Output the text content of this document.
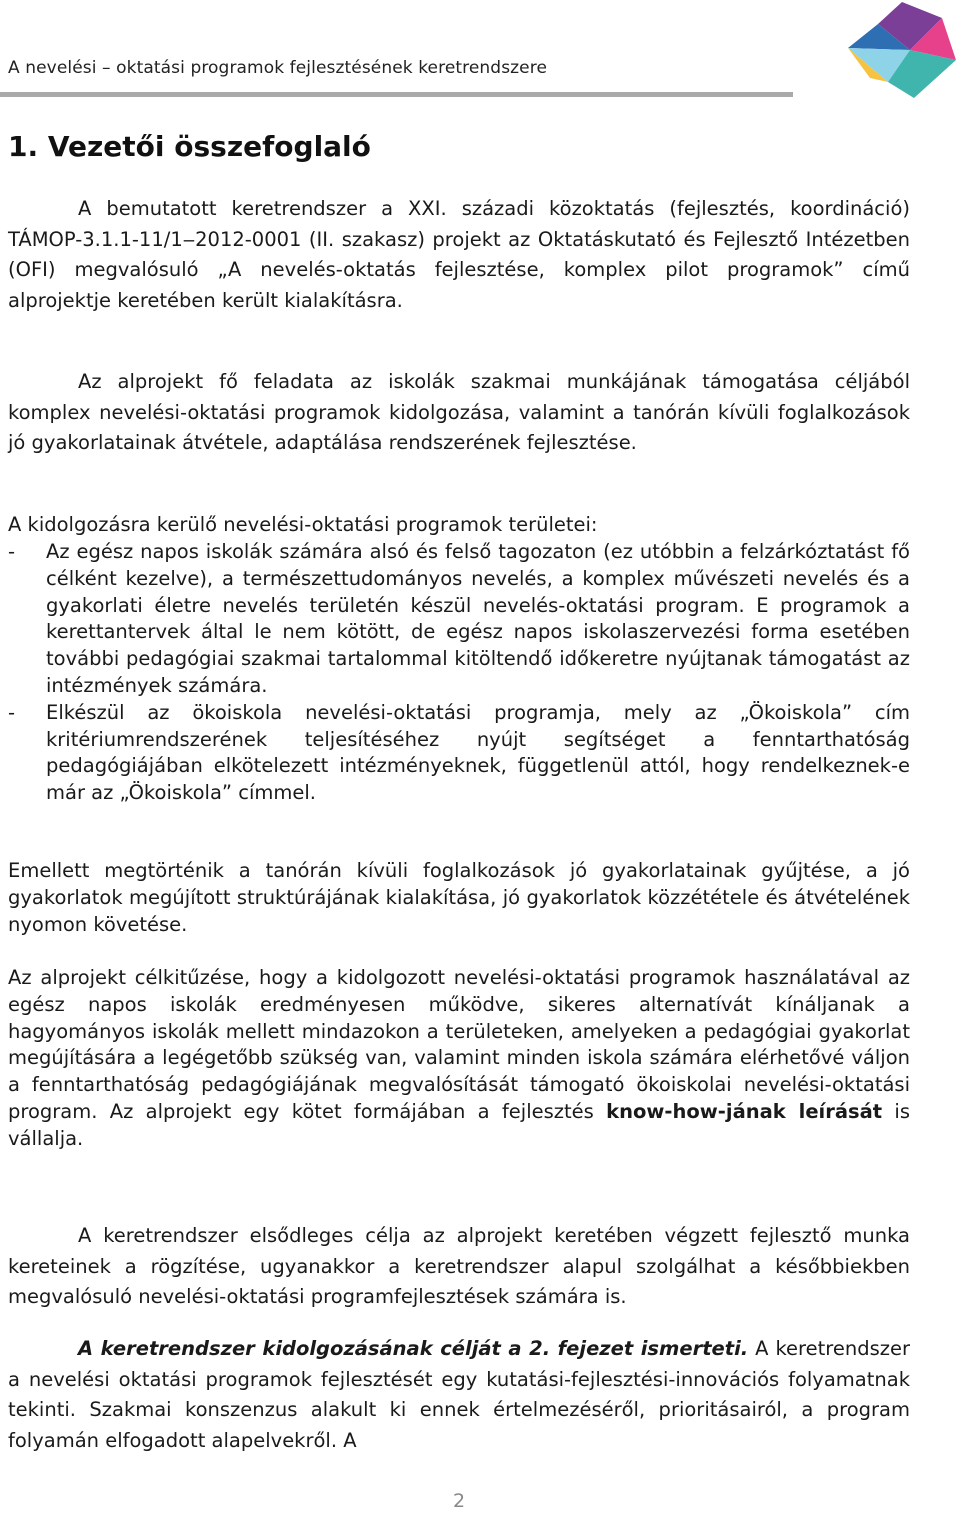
A nevelési – oktatási programok fejlesztésének keretrendszere
1. Vezetői összefoglaló

A bemutatott keretrendszer a XXI. századi közoktatás (fejlesztés, koordináció) TÁMOP-3.1.1-11/1‒2012-0001 (II. szakasz) projekt az Oktatáskutató és Fejlesztő Intézetben (OFI) megvalósuló „A nevelés-oktatás fejlesztése, komplex pilot programok” című alprojektje keretében került kialakításra.

Az alprojekt fő feladata az iskolák szakmai munkájának támogatása céljából komplex nevelési-oktatási programok kidolgozása, valamint a tanórán kívüli foglalkozások jó gyakorlatainak átvétele, adaptálása rendszerének fejlesztése.

A kidolgozásra kerülő nevelési-oktatási programok területei:

- Az egész napos iskolák számára alsó és felső tagozaton (ez utóbbin a felzárkóztatást fő célként kezelve), a természettudományos nevelés, a komplex művészeti nevelés és a gyakorlati életre nevelés területén készül nevelés-oktatási program. E programok a kerettantervek által le nem kötött, de egész napos iskolaszervezési forma esetében további pedagógiai szakmai tartalommal kitöltendő időkeretre nyújtanak támogatást az intézmények számára.
- Elkészül az ökoiskola nevelési-oktatási programja, mely az „Ökoiskola” cím kritériumrendszerének teljesítéséhez nyújt segítséget a fenntarthatóság pedagógiájában elkötelezett intézményeknek, függetlenül attól, hogy rendelkeznek-e már az „Ökoiskola” címmel.

Emellett megtörténik a tanórán kívüli foglalkozások jó gyakorlatainak gyűjtése, a jó gyakorlatok megújított struktúrájának kialakítása, jó gyakorlatok közzététele és átvételének nyomon követése.

Az alprojekt célkitűzése, hogy a kidolgozott nevelési-oktatási programok használatával az egész napos iskolák eredményesen működve, sikeres alternatívát kínáljanak a hagyományos iskolák mellett mindazokon a területeken, amelyeken a pedagógiai gyakorlat megújítására a legégetőbb szükség van, valamint minden iskola számára elérhetővé váljon a fenntarthatóság pedagógiájának megvalósítását támogató ökoiskolai nevelési-oktatási program. Az alprojekt egy kötet formájában a fejlesztés know-how-jának leírását is vállalja.

A keretrendszer elsődleges célja az alprojekt keretében végzett fejlesztő munka kereteinek a rögzítése, ugyanakkor a keretrendszer alapul szolgálhat a későbbiekben megvalósuló nevelési-oktatási programfejlesztések számára is.

A keretrendszer kidolgozásának célját a 2. fejezet ismerteti. A keretrendszer a nevelési oktatási programok fejlesztését egy kutatási-fejlesztési-innovációs folyamatnak tekinti. Szakmai konszenzus alakult ki ennek értelmezéséről, prioritásairól, a program folyamán elfogadott alapelvekről. A

2
